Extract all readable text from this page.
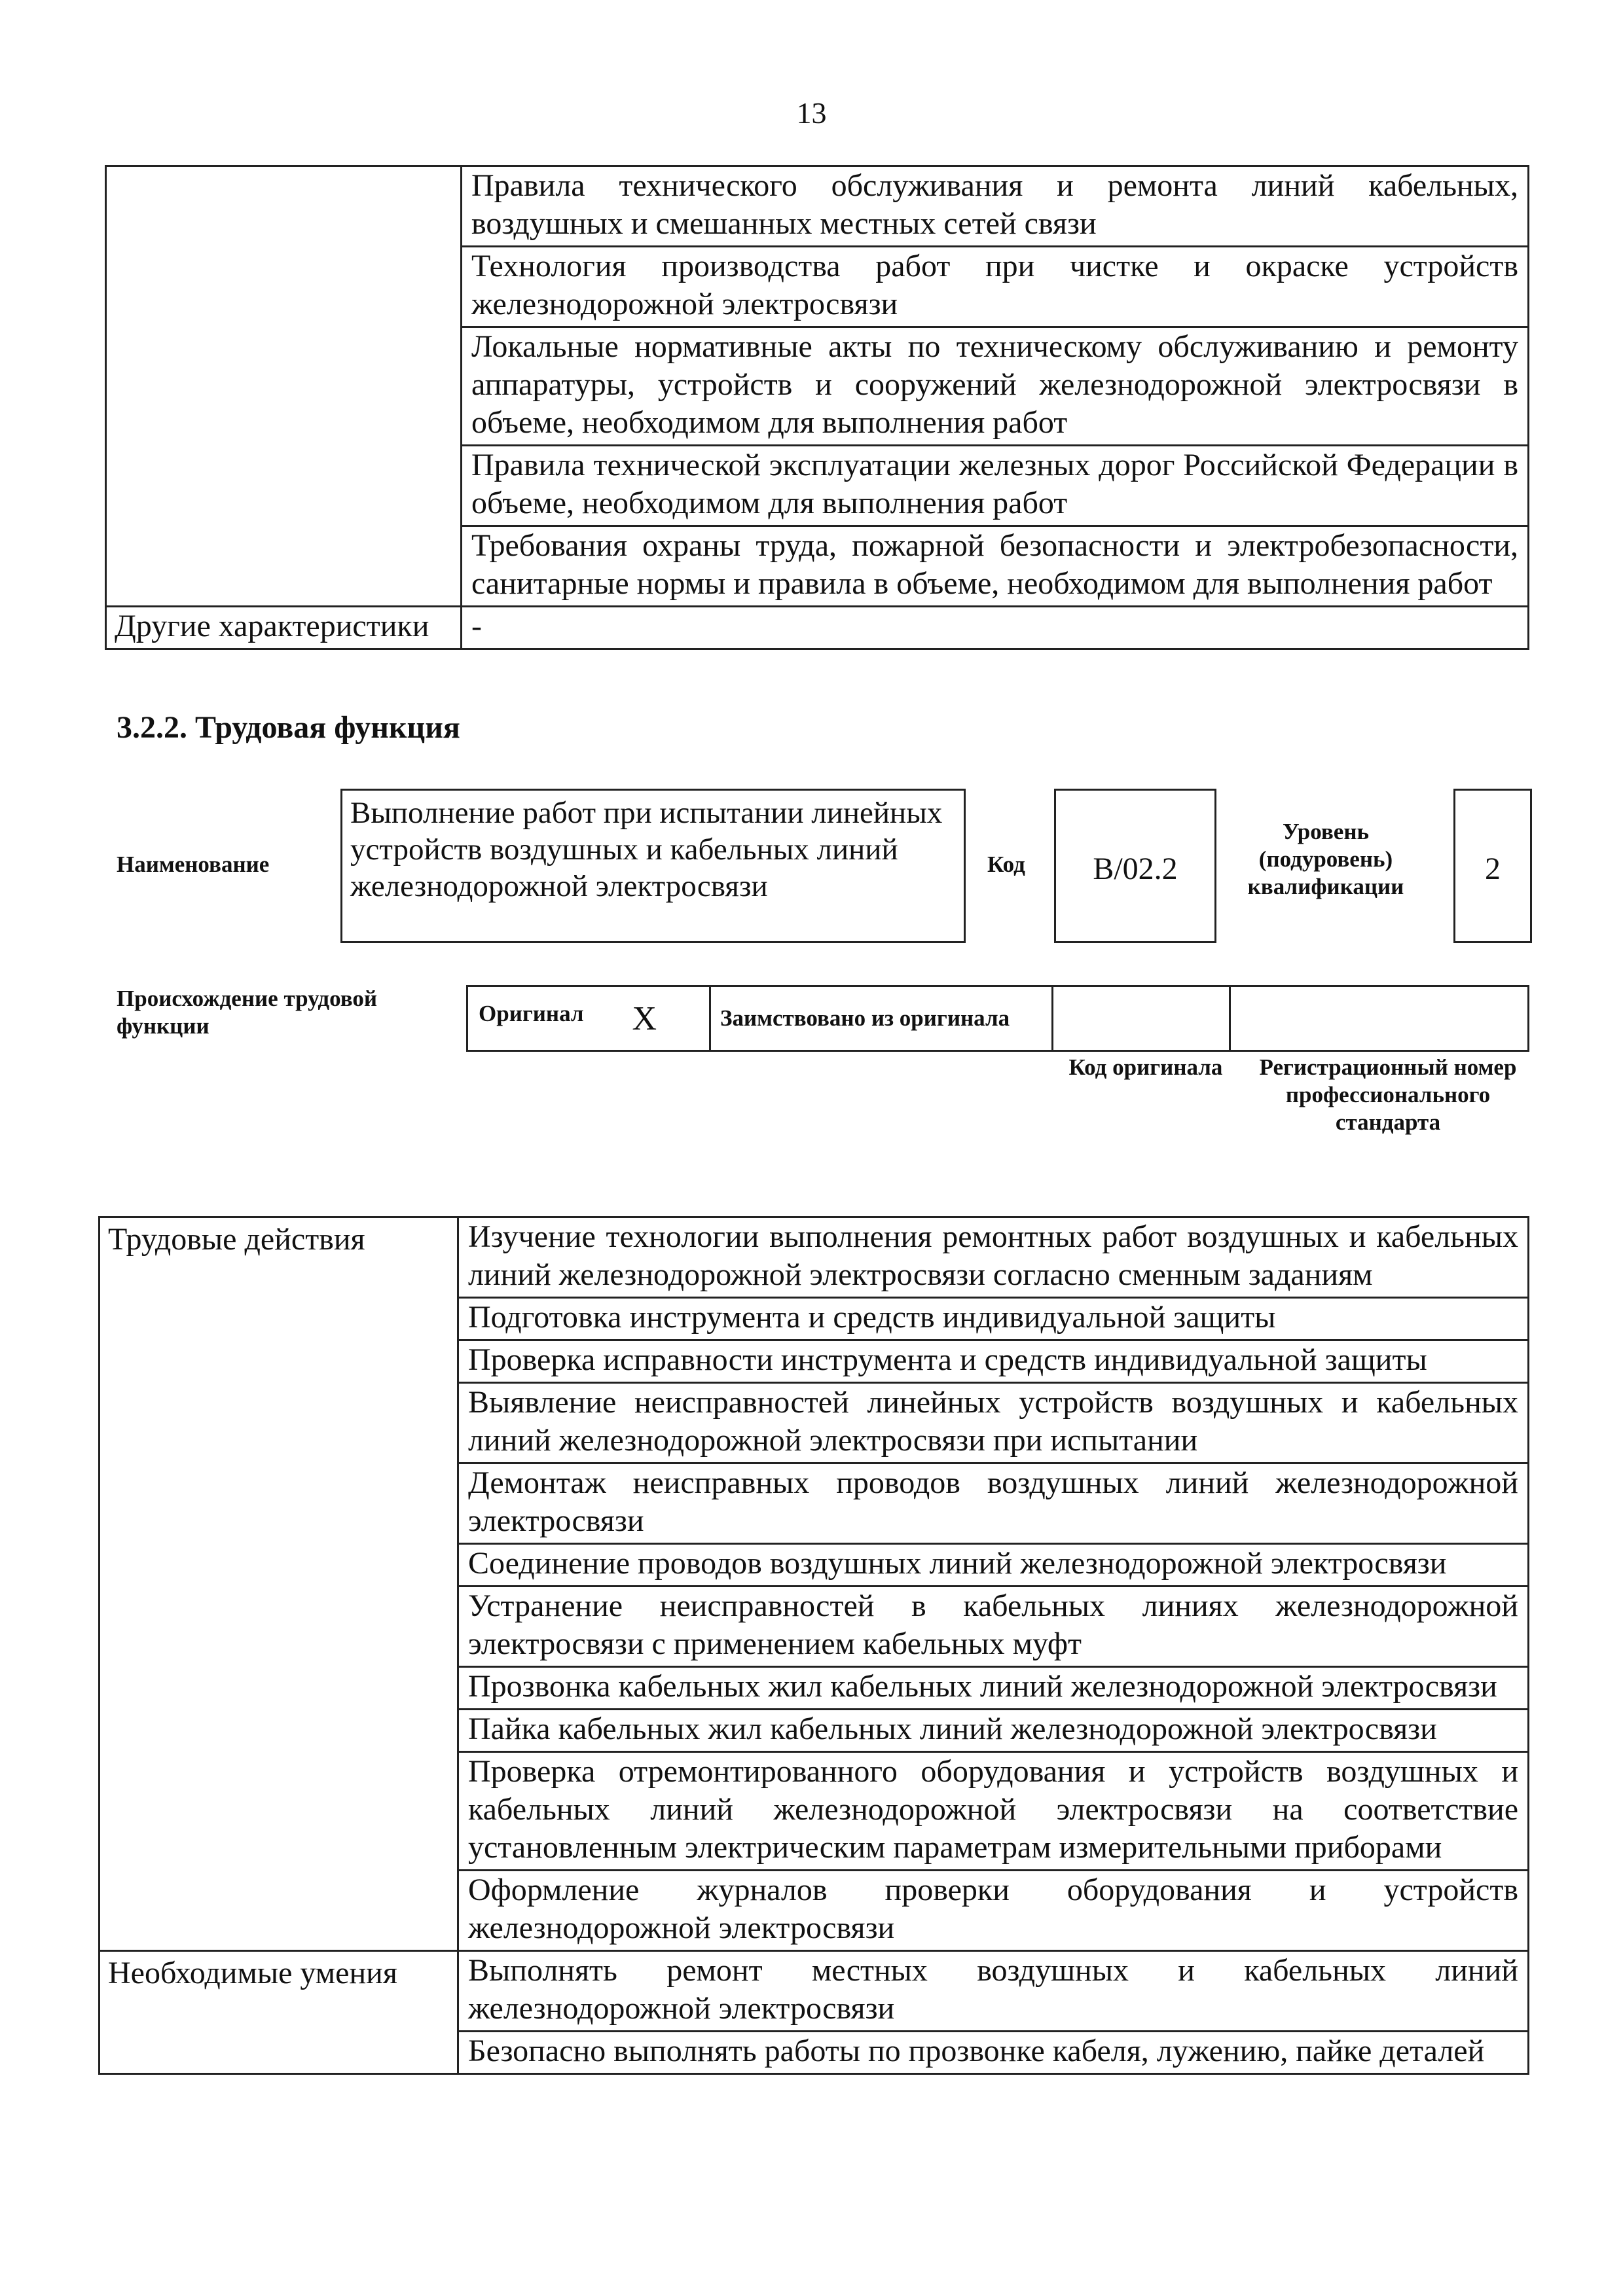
13

	Правила технического обслуживания и ремонта линий кабельных, воздушных и смешанных местных сетей связи

	Технология производства работ при чистке и окраске устройств железнодорожной электросвязи

	Локальные нормативные акты по техническому обслуживанию и ремонту аппаратуры, устройств и сооружений железнодорожной электросвязи в объеме, необходимом для выполнения работ

	Правила технической эксплуатации железных дорог Российской Федерации в объеме, необходимом для выполнения работ

	Требования охраны труда, пожарной безопасности и электробезопасности, санитарные нормы и правила в объеме, необходимом для выполнения работ

Другие характеристики	-
3.2.2. Трудовая функция
Наименование
Выполнение работ при испытании линейных устройств воздушных и кабельных линий железнодорожной электросвязи
Код	B/02.2
Уровень (подуровень) квалификации
2
Происхождение трудовой функции	Оригинал X	Заимствовано из оригинала

Код оригинала	Регистрационный номер профессионального стандарта
Трудовые действия	Изучение технологии выполнения ремонтных работ воздушных и кабельных линий железнодорожной электросвязи согласно сменным заданиям

	Подготовка инструмента и средств индивидуальной защиты

	Проверка исправности инструмента и средств индивидуальной защиты

	Выявление неисправностей линейных устройств воздушных и кабельных линий железнодорожной электросвязи при испытании

	Демонтаж неисправных проводов воздушных линий железнодорожной электросвязи

	Соединение проводов воздушных линий железнодорожной электросвязи

	Устранение неисправностей в кабельных линиях железнодорожной электросвязи с применением кабельных муфт

	Прозвонка кабельных жил кабельных линий железнодорожной электросвязи

	Пайка кабельных жил кабельных линий железнодорожной электросвязи

	Проверка отремонтированного оборудования и устройств воздушных и кабельных линий железнодорожной электросвязи на соответствие установленным электрическим параметрам измерительными приборами

	Оформление журналов проверки оборудования и устройств железнодорожной электросвязи

Необходимые умения	Выполнять ремонт местных воздушных и кабельных линий железнодорожной электросвязи

	Безопасно выполнять работы по прозвонке кабеля, лужению, пайке деталей
